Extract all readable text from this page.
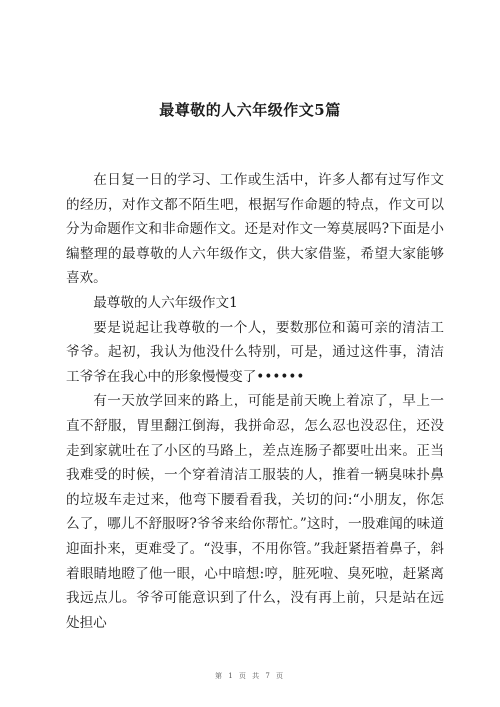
最尊敬的人六年级作文5篇

在日复一日的学习、工作或生活中，许多人都有过写作文的经历，对作文都不陌生吧，根据写作命题的特点，作文可以分为命题作文和非命题作文。还是对作文一筹莫展吗?下面是小编整理的最尊敬的人六年级作文，供大家借鉴，希望大家能够喜欢。

最尊敬的人六年级作文1

要是说起让我尊敬的一个人，要数那位和蔼可亲的清洁工爷爷。起初，我认为他没什么特别，可是，通过这件事，清洁工爷爷在我心中的形象慢慢变了••••••

有一天放学回来的路上，可能是前天晚上着凉了，早上一直不舒服，胃里翻江倒海，我拼命忍，怎么忍也没忍住，还没走到家就吐在了小区的马路上，差点连肠子都要吐出来。正当我难受的时候，一个穿着清洁工服装的人，推着一辆臭味扑鼻的垃圾车走过来，他弯下腰看看我，关切的问:“小朋友，你怎么了，哪儿不舒服呀?爷爷来给你帮忙。”这时，一股难闻的味道迎面扑来，更难受了。“没事，不用你管。”我赶紧捂着鼻子，斜着眼睛地瞪了他一眼，心中暗想:哼，脏死啦、臭死啦，赶紧离我远点儿。爷爷可能意识到了什么，没有再上前，只是站在远处担心

第 1 页 共 7 页
